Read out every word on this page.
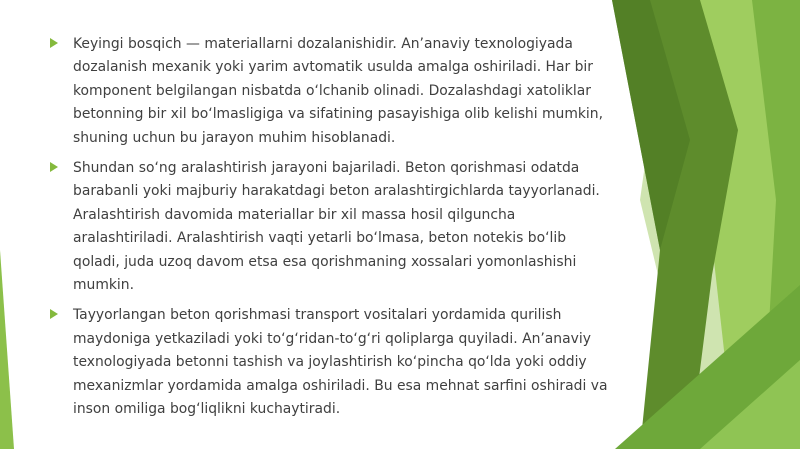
Keyingi bosqich — materiallarni dozalanishidir. An’anaviy texnologiyada dozalanish mexanik yoki yarim avtomatik usulda amalga oshiriladi. Har bir komponent belgilangan nisbatda o‘lchanib olinadi. Dozalashdagi xatoliklar betonning bir xil bo‘lmasligiga va sifatining pasayishiga olib kelishi mumkin, shuning uchun bu jarayon muhim hisoblanadi.

Shundan so‘ng aralashtirish jarayoni bajariladi. Beton qorishmasi odatda barabanli yoki majburiy harakatdagi beton aralashtirgichlarda tayyorlanadi. Aralashtirish davomida materiallar bir xil massa hosil qilguncha aralashtiriladi. Aralashtirish vaqti yetarli bo‘lmasa, beton notekis bo‘lib qoladi, juda uzoq davom etsa esa qorishmaning xossalari yomonlashishi mumkin.

Tayyorlangan beton qorishmasi transport vositalari yordamida qurilish maydoniga yetkaziladi yoki to‘g‘ridan-to‘g‘ri qoliplarga quyiladi. An’anaviy texnologiyada betonni tashish va joylashtirish ko‘pincha qo‘lda yoki oddiy mexanizmlar yordamida amalga oshiriladi. Bu esa mehnat sarfini oshiradi va inson omiliga bog‘liqlikni kuchaytiradi.
